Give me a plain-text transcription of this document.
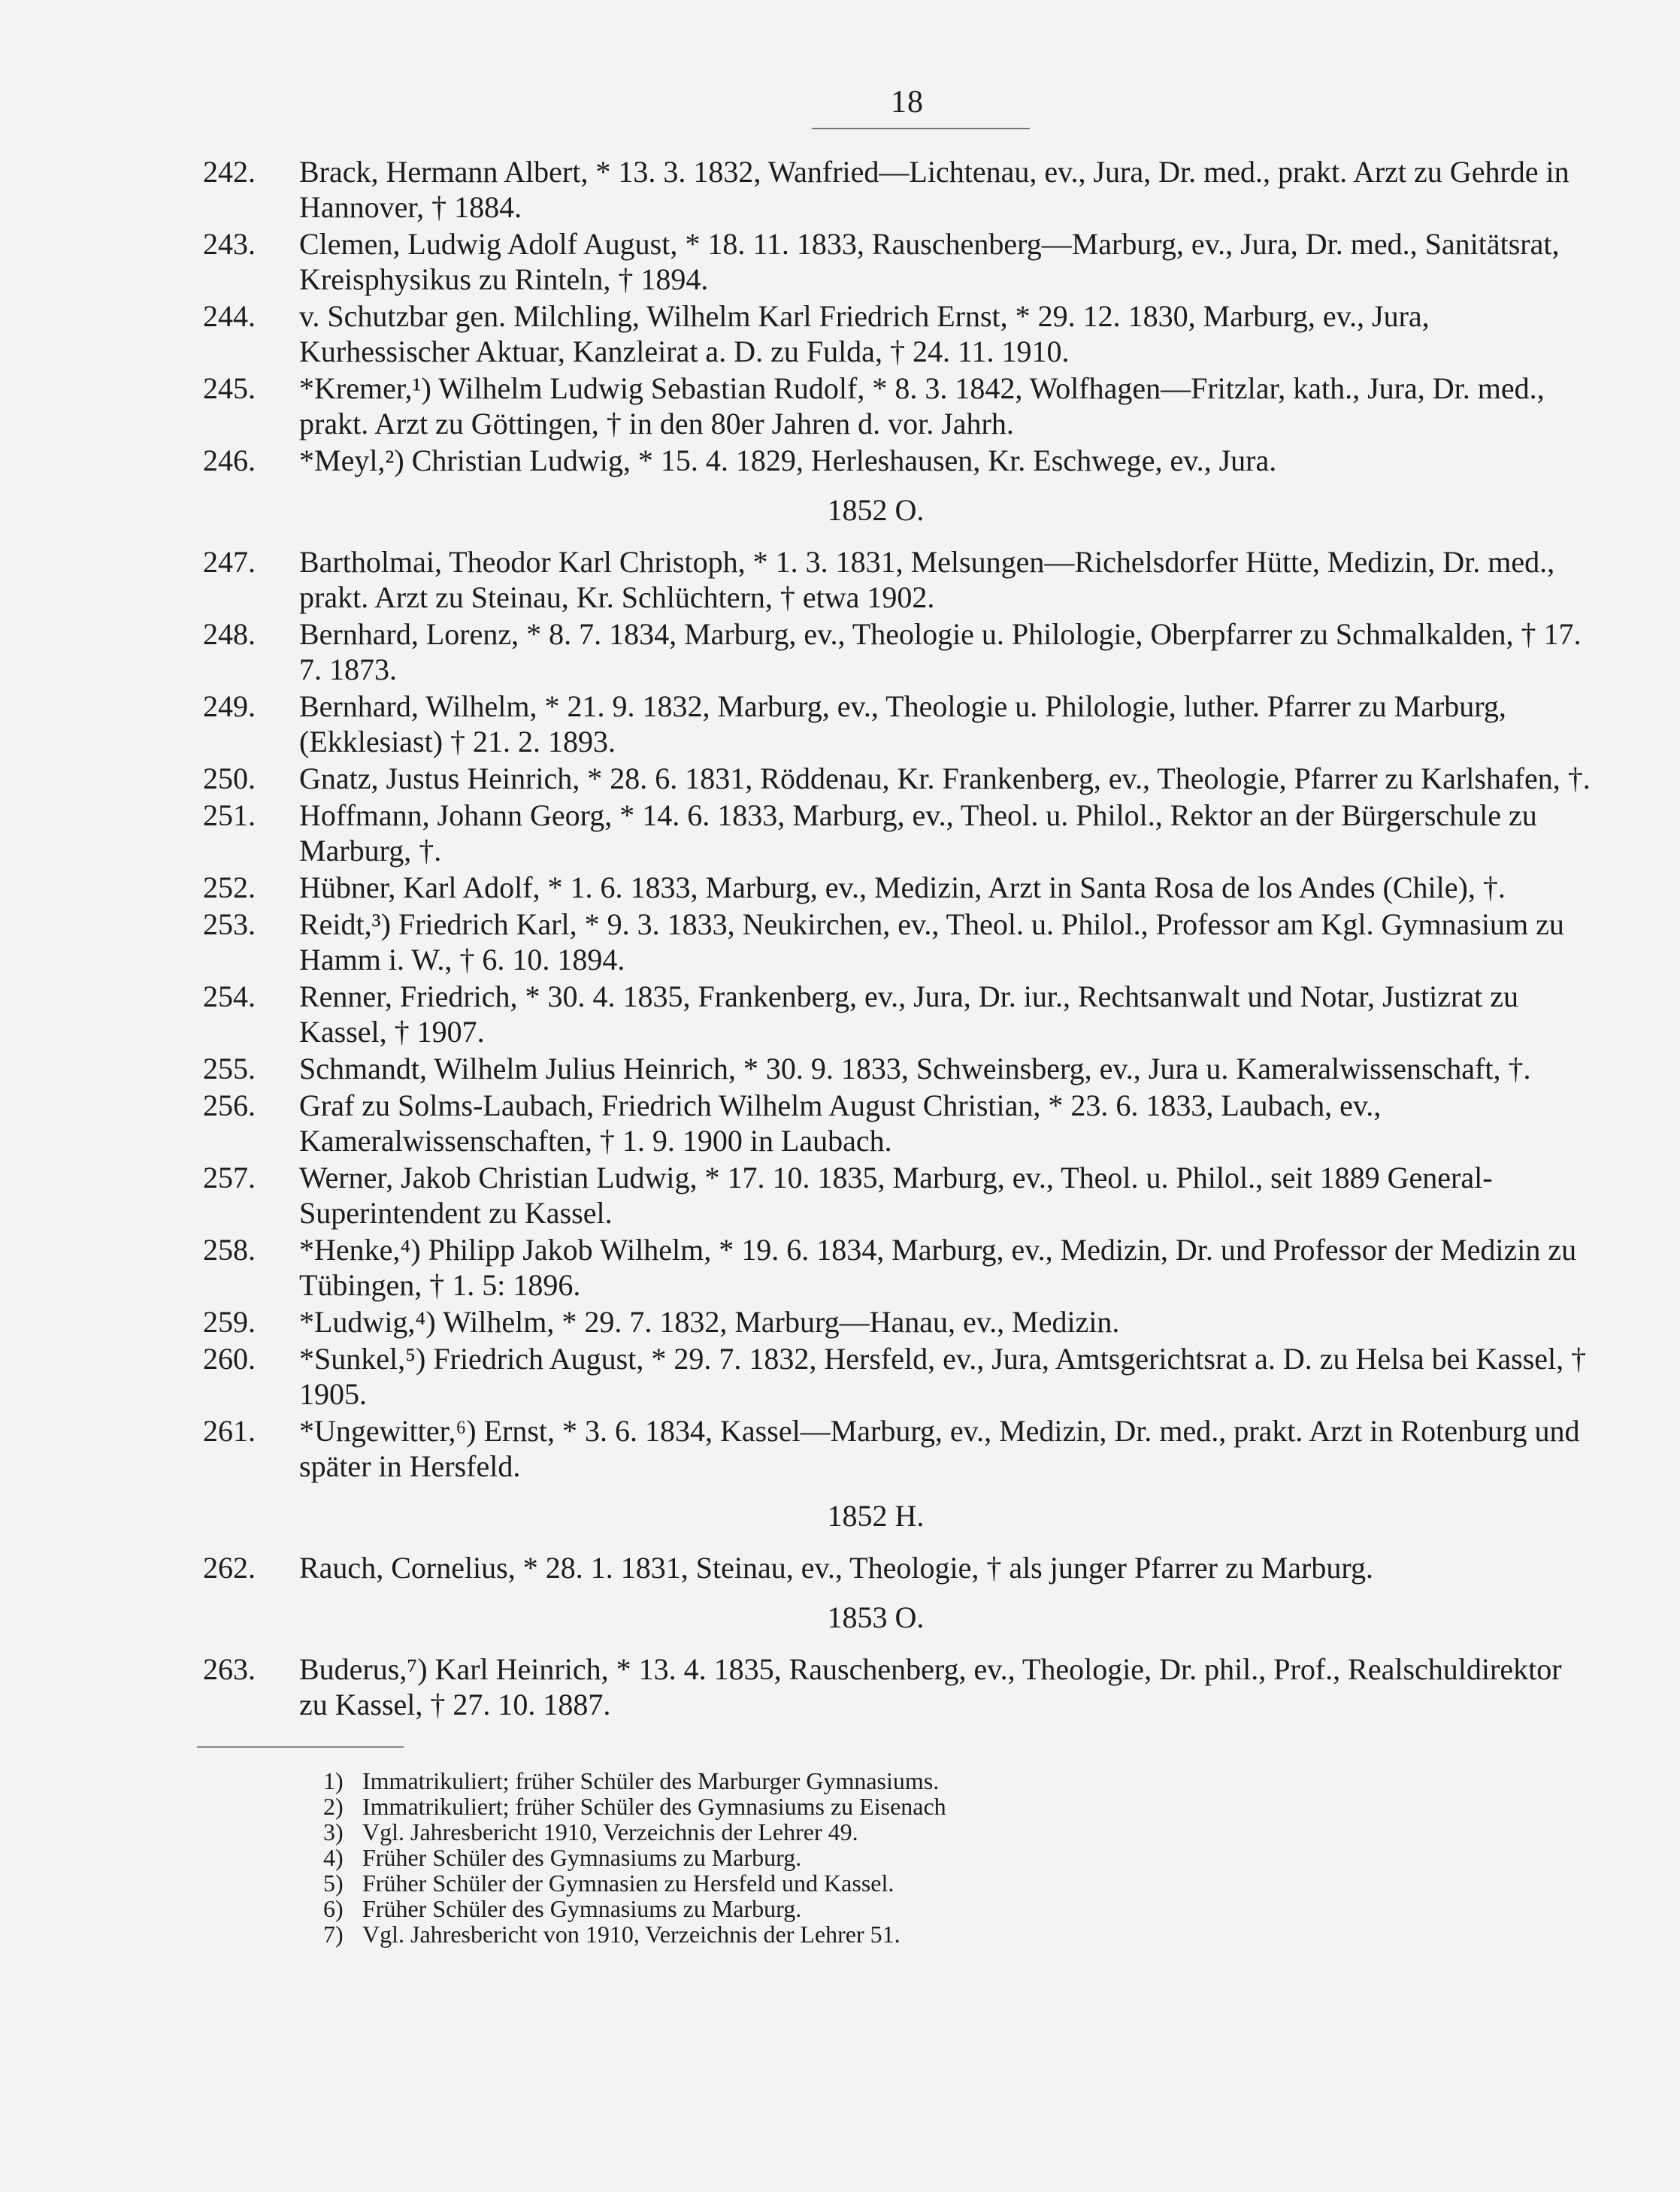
18
242.	Brack, Hermann Albert, * 13. 3. 1832, Wanfried—Lichtenau, ev., Jura, Dr. med., prakt. Arzt zu Gehrde in Hannover, † 1884.
243.	Clemen, Ludwig Adolf August, * 18. 11. 1833, Rauschenberg—Marburg, ev., Jura, Dr. med., Sanitätsrat, Kreisphysikus zu Rinteln, † 1894.
244.	v. Schutzbar gen. Milchling, Wilhelm Karl Friedrich Ernst, * 29. 12. 1830, Marburg, ev., Jura, Kurhessischer Aktuar, Kanzleirat a. D. zu Fulda, † 24. 11. 1910.
245.	*Kremer,¹) Wilhelm Ludwig Sebastian Rudolf, * 8. 3. 1842, Wolfhagen—Fritzlar, kath., Jura, Dr. med., prakt. Arzt zu Göttingen, † in den 80er Jahren d. vor. Jahrh.
246.	*Meyl,²) Christian Ludwig, * 15. 4. 1829, Herleshausen, Kr. Eschwege, ev., Jura.
1852 O.
247.	Bartholmai, Theodor Karl Christoph, * 1. 3. 1831, Melsungen—Richelsdorfer Hütte, Medizin, Dr. med., prakt. Arzt zu Steinau, Kr. Schlüchtern, † etwa 1902.
248.	Bernhard, Lorenz, * 8. 7. 1834, Marburg, ev., Theologie u. Philologie, Oberpfarrer zu Schmalkalden, † 17. 7. 1873.
249.	Bernhard, Wilhelm, * 21. 9. 1832, Marburg, ev., Theologie u. Philologie, luther. Pfarrer zu Marburg, (Ekklesiast) † 21. 2. 1893.
250.	Gnatz, Justus Heinrich, * 28. 6. 1831, Röddenau, Kr. Frankenberg, ev., Theologie, Pfarrer zu Karlshafen, †.
251.	Hoffmann, Johann Georg, * 14. 6. 1833, Marburg, ev., Theol. u. Philol., Rektor an der Bürgerschule zu Marburg, †.
252.	Hübner, Karl Adolf, * 1. 6. 1833, Marburg, ev., Medizin, Arzt in Santa Rosa de los Andes (Chile), †.
253.	Reidt,³) Friedrich Karl, * 9. 3. 1833, Neukirchen, ev., Theol. u. Philol., Professor am Kgl. Gymnasium zu Hamm i. W., † 6. 10. 1894.
254.	Renner, Friedrich, * 30. 4. 1835, Frankenberg, ev., Jura, Dr. iur., Rechtsanwalt und Notar, Justizrat zu Kassel, † 1907.
255.	Schmandt, Wilhelm Julius Heinrich, * 30. 9. 1833, Schweinsberg, ev., Jura u. Kameralwissenschaft, †.
256.	Graf zu Solms-Laubach, Friedrich Wilhelm August Christian, * 23. 6. 1833, Laubach, ev., Kameralwissenschaften, † 1. 9. 1900 in Laubach.
257.	Werner, Jakob Christian Ludwig, * 17. 10. 1835, Marburg, ev., Theol. u. Philol., seit 1889 General-Superintendent zu Kassel.
258.	*Henke,⁴) Philipp Jakob Wilhelm, * 19. 6. 1834, Marburg, ev., Medizin, Dr. und Professor der Medizin zu Tübingen, † 1. 5: 1896.
259.	*Ludwig,⁴) Wilhelm, * 29. 7. 1832, Marburg—Hanau, ev., Medizin.
260.	*Sunkel,⁵) Friedrich August, * 29. 7. 1832, Hersfeld, ev., Jura, Amtsgerichtsrat a. D. zu Helsa bei Kassel, † 1905.
261.	*Ungewitter,⁶) Ernst, * 3. 6. 1834, Kassel—Marburg, ev., Medizin, Dr. med., prakt. Arzt in Rotenburg und später in Hersfeld.
1852 H.
262.	Rauch, Cornelius, * 28. 1. 1831, Steinau, ev., Theologie, † als junger Pfarrer zu Marburg.
1853 O.
263.	Buderus,⁷) Karl Heinrich, * 13. 4. 1835, Rauschenberg, ev., Theologie, Dr. phil., Prof., Realschuldirektor zu Kassel, † 27. 10. 1887.
1) Immatrikuliert; früher Schüler des Marburger Gymnasiums.
2) Immatrikuliert; früher Schüler des Gymnasiums zu Eisenach
3) Vgl. Jahresbericht 1910, Verzeichnis der Lehrer 49.
4) Früher Schüler des Gymnasiums zu Marburg.
5) Früher Schüler der Gymnasien zu Hersfeld und Kassel.
6) Früher Schüler des Gymnasiums zu Marburg.
7) Vgl. Jahresbericht von 1910, Verzeichnis der Lehrer 51.
